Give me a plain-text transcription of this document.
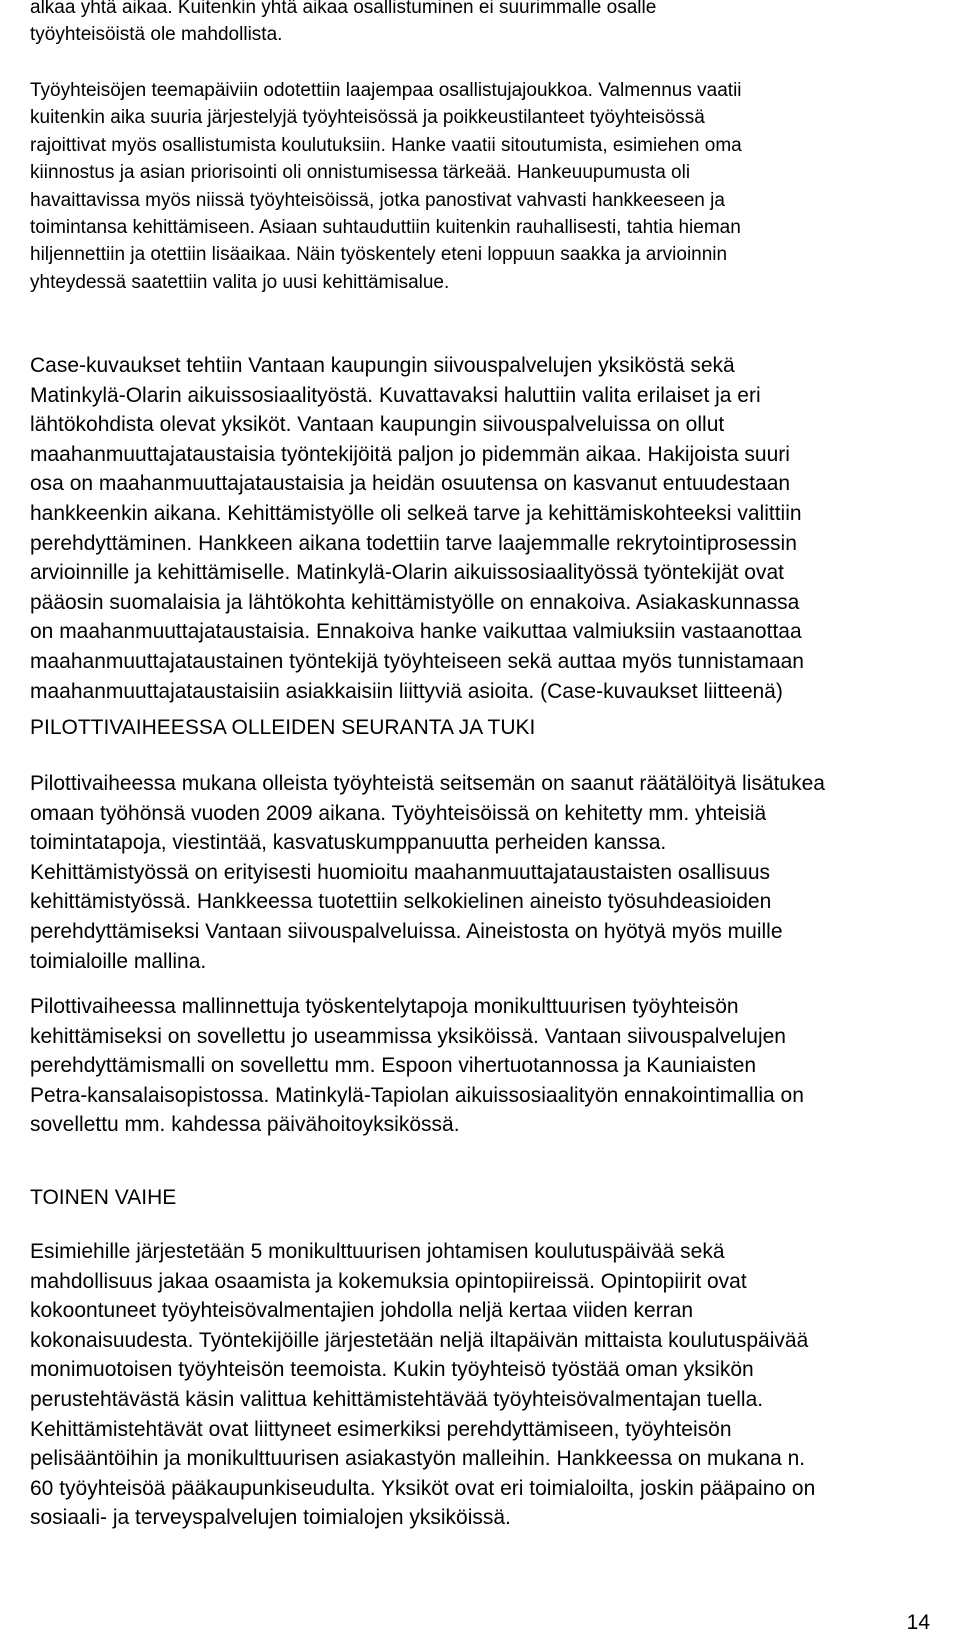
alkaa yhtä aikaa. Kuitenkin yhtä aikaa osallistuminen ei suurimmalle osalle
työyhteisöistä ole mahdollista.

Työyhteisöjen teemapäiviin odotettiin laajempaa osallistujajoukkoa. Valmennus vaatii
kuitenkin aika suuria järjestelyjä työyhteisössä ja poikkeustilanteet työyhteisössä
rajoittivat myös osallistumista koulutuksiin. Hanke vaatii sitoutumista, esimiehen oma
kiinnostus ja asian priorisointi oli onnistumisessa tärkeää. Hankeuupumusta oli
havaittavissa myös niissä työyhteisöissä, jotka panostivat vahvasti hankkeeseen ja
toimintansa kehittämiseen. Asiaan suhtauduttiin kuitenkin rauhallisesti, tahtia hieman
hiljennettiin ja otettiin lisäaikaa. Näin työskentely eteni loppuun saakka ja arvioinnin
yhteydessä saatettiin valita jo uusi kehittämisalue.

Case-kuvaukset tehtiin Vantaan kaupungin siivouspalvelujen yksiköstä sekä
Matinkylä-Olarin aikuissosiaalityöstä. Kuvattavaksi haluttiin valita erilaiset ja eri
lähtökohdista olevat yksiköt. Vantaan kaupungin siivouspalveluissa on ollut
maahanmuuttajataustaisia työntekijöitä paljon jo pidemmän aikaa. Hakijoista suuri
osa on maahanmuuttajataustaisia ja heidän osuutensa on kasvanut entuudestaan
hankkeenkin aikana. Kehittämistyölle oli selkeä tarve ja kehittämiskohteeksi valittiin
perehdyttäminen. Hankkeen aikana todettiin tarve laajemmalle rekrytointiprosessin
arvioinnille ja kehittämiselle. Matinkylä-Olarin aikuissosiaalityössä työntekijät ovat
pääosin suomalaisia ja lähtökohta kehittämistyölle on ennakoiva. Asiakaskunnassa
on maahanmuuttajataustaisia. Ennakoiva hanke vaikuttaa valmiuksiin vastaanottaa
maahanmuuttajataustainen työntekijä työyhteiseen sekä auttaa myös tunnistamaan
maahanmuuttajataustaisiin asiakkaisiin liittyviä asioita. (Case-kuvaukset liitteenä)

PILOTTIVAIHEESSA OLLEIDEN SEURANTA JA TUKI

Pilottivaiheessa mukana olleista työyhteistä seitsemän on saanut räätälöityä lisätukea
omaan työhönsä vuoden 2009 aikana. Työyhteisöissä on kehitetty mm. yhteisiä
toimintatapoja, viestintää, kasvatuskumppanuutta perheiden kanssa.
Kehittämistyössä on erityisesti huomioitu maahanmuuttajataustaisten osallisuus
kehittämistyössä. Hankkeessa tuotettiin selkokielinen aineisto työsuhdeasioiden
perehdyttämiseksi Vantaan siivouspalveluissa. Aineistosta on hyötyä myös muille
toimialoille mallina.

Pilottivaiheessa mallinnettuja työskentelytapoja monikulttuurisen työyhteisön
kehittämiseksi on sovellettu jo useammissa yksiköissä. Vantaan siivouspalvelujen
perehdyttämismalli on sovellettu mm. Espoon vihertuotannossa ja Kauniaisten
Petra-kansalaisopistossa. Matinkylä-Tapiolan aikuissosiaalityön ennakointimallia on
sovellettu mm. kahdessa päivähoitoyksikössä.

TOINEN VAIHE

Esimiehille järjestetään 5 monikulttuurisen johtamisen koulutuspäivää sekä
mahdollisuus jakaa osaamista ja kokemuksia opintopiireissä. Opintopiirit ovat
kokoontuneet työyhteisövalmentajien johdolla neljä kertaa viiden kerran
kokonaisuudesta. Työntekijöille järjestetään neljä iltapäivän mittaista koulutuspäivää
monimuotoisen työyhteisön teemoista. Kukin työyhteisö työstää oman yksikön
perustehtävästä käsin valittua kehittämistehtävää työyhteisövalmentajan tuella.
Kehittämistehtävät ovat liittyneet esimerkiksi perehdyttämiseen, työyhteisön
pelisääntöihin ja monikulttuurisen asiakastyön malleihin. Hankkeessa on mukana n.
60 työyhteisöä pääkaupunkiseudulta. Yksiköt ovat eri toimialoilta, joskin pääpaino on
sosiaali- ja terveyspalvelujen toimialojen yksiköissä.

14
